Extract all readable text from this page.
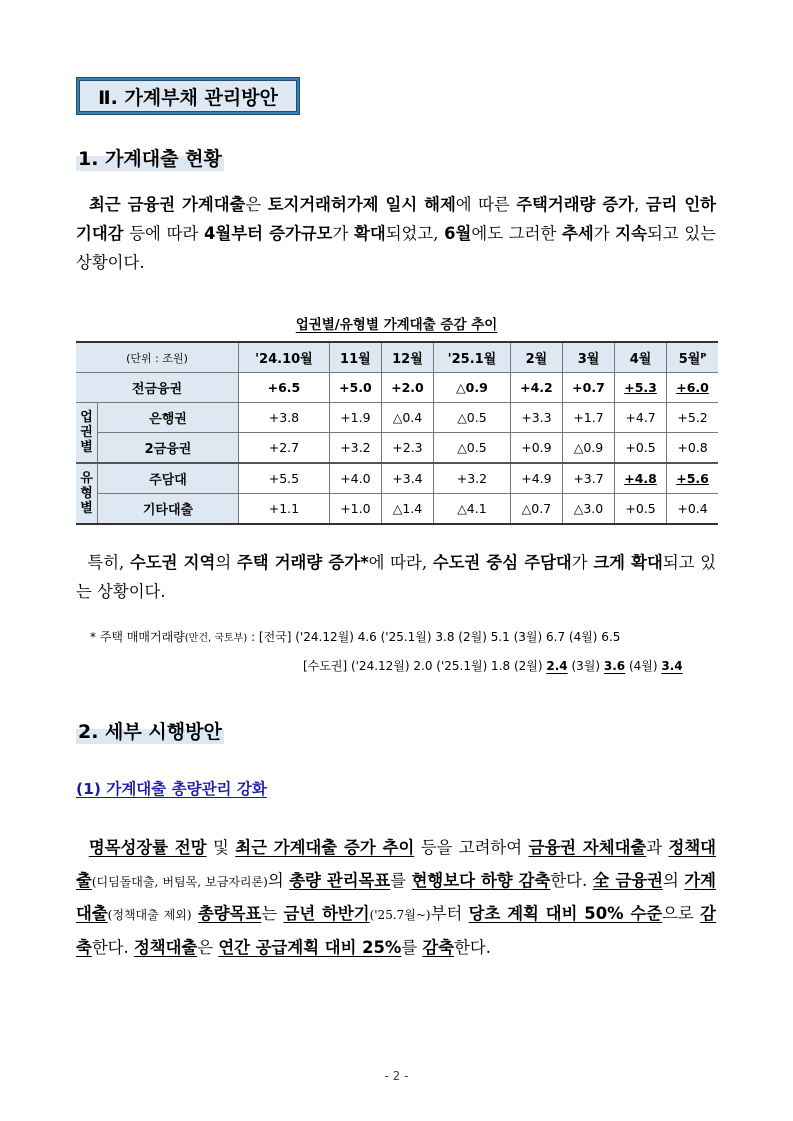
Ⅱ. 가계부채 관리방안
1. 가계대출 현황
최근 금융권 가계대출은 토지거래허가제 일시 해제에 따른 주택거래량 증가, 금리 인하 기대감 등에 따라 4월부터 증가규모가 확대되었고, 6월에도 그러한 추세가 지속되고 있는 상황이다.
업권별/유형별 가계대출 증감 추이
(단위 : 조원)		'24.10월	11월	12월	'25.1월	2월	3월	4월	5월ᴾ
전금융권		+6.5	+5.0	+2.0	△0.9	+4.2	+0.7	+5.3	+6.0
업
권
별	은행권	+3.8	+1.9	△0.4	△0.5	+3.3	+1.7	+4.7	+5.2
	2금융권	+2.7	+3.2	+2.3	△0.5	+0.9	△0.9	+0.5	+0.8
유
형
별	주담대	+5.5	+4.0	+3.4	+3.2	+4.9	+3.7	+4.8	+5.6
	기타대출	+1.1	+1.0	△1.4	△4.1	△0.7	△3.0	+0.5	+0.4
특히, 수도권 지역의 주택 거래량 증가*에 따라, 수도권 중심 주담대가 크게 확대되고 있는 상황이다.
* 주택 매매거래량(만건, 국토부) : [전국] ('24.12월) 4.6 ('25.1월) 3.8 (2월) 5.1 (3월) 6.7 (4월) 6.5
[수도권] ('24.12월) 2.0 ('25.1월) 1.8 (2월) 2.4 (3월) 3.6 (4월) 3.4
2. 세부 시행방안
(1) 가계대출 총량관리 강화
명목성장률 전망 및 최근 가계대출 증가 추이 등을 고려하여 금융권 자체대출과 정책대출(디딤돌대출, 버팀목, 보금자리론)의 총량 관리목표를 현행보다 하향 감축한다. 全 금융권의 가계대출(정책대출 제외) 총량목표는 금년 하반기('25.7월~)부터 당초 계획 대비 50% 수준으로 감축한다. 정책대출은 연간 공급계획 대비 25%를 감축한다.
- 2 -
